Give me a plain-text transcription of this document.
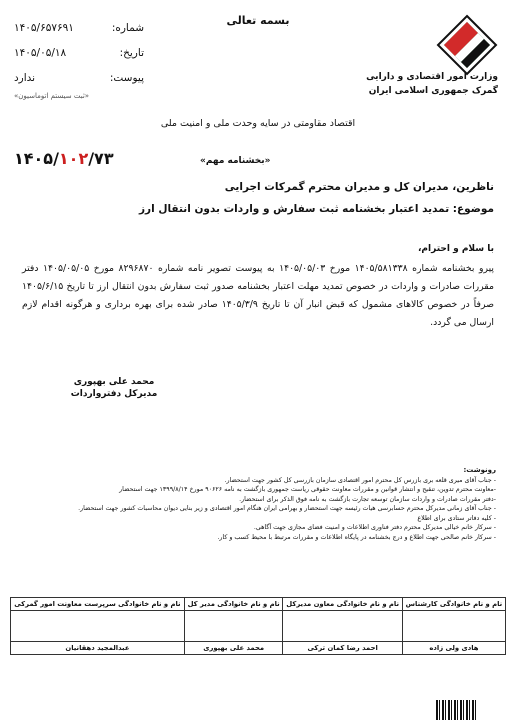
بسمه تعالی
شماره:
۱۴۰۵/۶۵۷۶۹۱
تاریخ:
۱۴۰۵/۰۵/۱۸
پیوست:
ندارد
«ثبت سیستم اتوماسیون»
وزارت امور اقتصادی و دارایی
گمرک جمهوری اسلامی ایران
اقتصاد مقاومتی در سایه وحدت ملی و امنیت ملی
۱۴۰۵/۱۰۲/۷۳	«بخشنامه مهم»
ناظرین، مدیران کل و مدیران محترم گمرکات اجرایی
موضوع: تمدید اعتبار بخشنامه ثبت سفارش و واردات بدون انتقال ارز
با سلام و احترام،
پیرو بخشنامه شماره ۱۴۰۵/۵۸۱۳۳۸ مورخ ۱۴۰۵/۰۵/۰۳ به پیوست تصویر نامه شماره ۸۲۹۶۸۷۰ مورخ ۱۴۰۵/۰۵/۰۵ دفتر مقررات صادرات و واردات در خصوص تمدید مهلت اعتبار بخشنامه صدور ثبت سفارش بدون انتقال ارز تا تاریخ ۱۴۰۵/۶/۱۵ صرفاً در خصوص کالاهای مشمول که قبض انبار آن تا تاریخ ۱۴۰۵/۳/۹ صادر شده برای بهره برداری و هرگونه اقدام لازم ارسال می گردد.
محمد علی بهپوری
مدیرکل دفترواردات
رونوشت:
- جناب آقای میری قلعه بری بازرس کل محترم امور اقتصادی سازمان بازرسی کل کشور جهت استحضار.
-معاونت محترم تدوین، تنقیح و انتشار قوانین و مقررات معاونت حقوقی ریاست جمهوری بازگشت به نامه ۹۰۶۲۶ مورخ ۱۳۹۹/۸/۱۴ جهت استحضار
-دفتر مقررات صادرات و واردات سازمان توسعه تجارت بازگشت به نامه فوق الذکر برای استحضار.
- جناب آقای زمانی مدیرکل محترم حسابرسی هیات رئیسه جهت استحضار و بهرامی ایران هنگام امور اقتصادی و زیر بنایی دیوان محاسبات کشور جهت استحضار.
- کلیه دفاتر ستادی برای اطلاع
- سرکار خانم خیالی مدیرکل محترم دفتر فناوری اطلاعات و امنیت فضای مجازی جهت آگاهی.
- سرکار خانم صالحی جهت اطلاع و درج بخشنامه در پایگاه اطلاعات و مقررات مرتبط با محیط کسب و کار.
نام و نام خانوادگی کارشناس	نام و نام خانوادگی معاون مدیرکل	نام و نام خانوادگی مدیر کل	نام و نام خانوادگی سرپرست معاونت امور گمرکی

هادی ولی زاده	احمد رضا کمان ترکی	محمد علی بهپوری	عبدالمجید دهقانیان
